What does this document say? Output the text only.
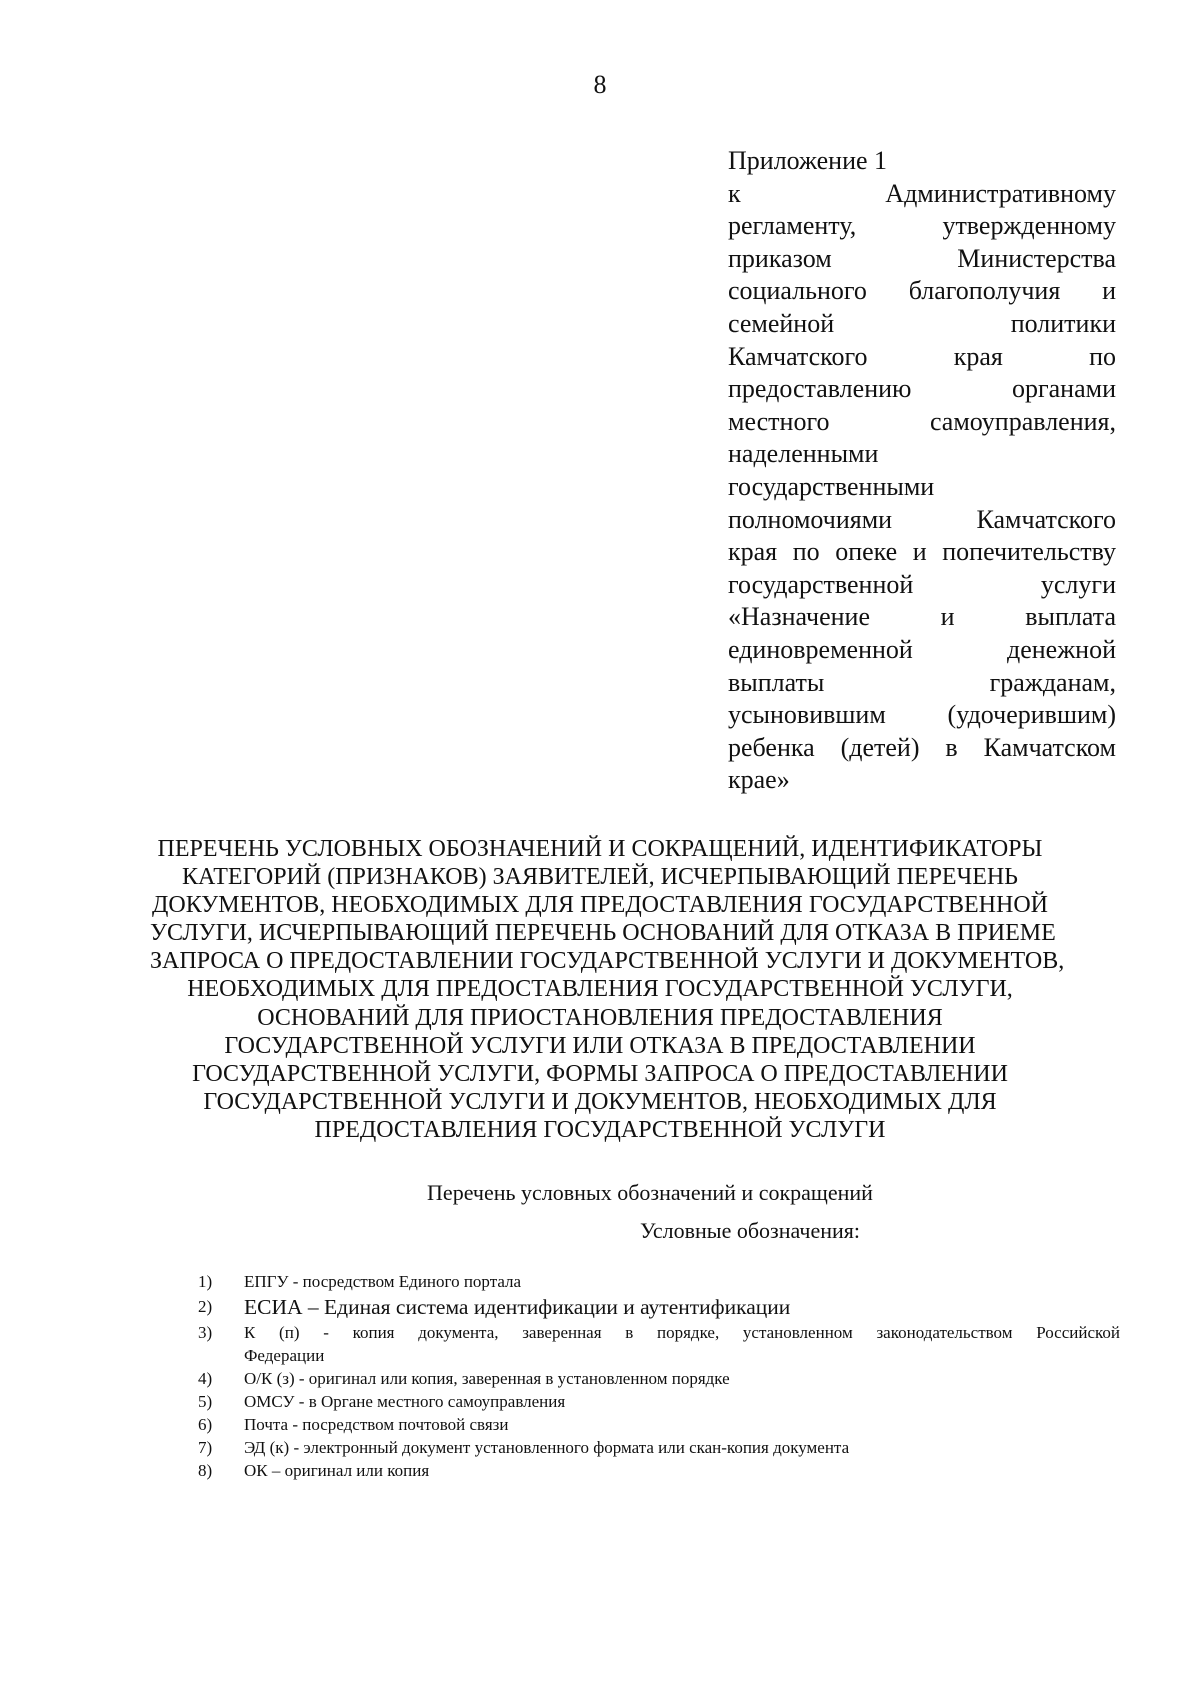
8
Приложение 1
к Административному
регламенту, утвержденному
приказом Министерства
социального благополучия и
семейной политики
Камчатского края по
предоставлению органами
местного самоуправления,
наделенными
государственными
полномочиями Камчатского
края по опеке и попечительству
государственной услуги
«Назначение и выплата
единовременной денежной
выплаты гражданам,
усыновившим (удочерившим)
ребенка (детей) в Камчатском
крае»
ПЕРЕЧЕНЬ УСЛОВНЫХ ОБОЗНАЧЕНИЙ И СОКРАЩЕНИЙ, ИДЕНТИФИКАТОРЫ
КАТЕГОРИЙ (ПРИЗНАКОВ) ЗАЯВИТЕЛЕЙ, ИСЧЕРПЫВАЮЩИЙ ПЕРЕЧЕНЬ
ДОКУМЕНТОВ, НЕОБХОДИМЫХ ДЛЯ ПРЕДОСТАВЛЕНИЯ ГОСУДАРСТВЕННОЙ
УСЛУГИ, ИСЧЕРПЫВАЮЩИЙ ПЕРЕЧЕНЬ ОСНОВАНИЙ ДЛЯ ОТКАЗА В ПРИЕМЕ
ЗАПРОСА О ПРЕДОСТАВЛЕНИИ ГОСУДАРСТВЕННОЙ УСЛУГИ И ДОКУМЕНТОВ,
НЕОБХОДИМЫХ ДЛЯ ПРЕДОСТАВЛЕНИЯ ГОСУДАРСТВЕННОЙ УСЛУГИ,
ОСНОВАНИЙ ДЛЯ ПРИОСТАНОВЛЕНИЯ ПРЕДОСТАВЛЕНИЯ
ГОСУДАРСТВЕННОЙ УСЛУГИ ИЛИ ОТКАЗА В ПРЕДОСТАВЛЕНИИ
ГОСУДАРСТВЕННОЙ УСЛУГИ, ФОРМЫ ЗАПРОСА О ПРЕДОСТАВЛЕНИИ
ГОСУДАРСТВЕННОЙ УСЛУГИ И ДОКУМЕНТОВ, НЕОБХОДИМЫХ ДЛЯ
ПРЕДОСТАВЛЕНИЯ ГОСУДАРСТВЕННОЙ УСЛУГИ
Перечень условных обозначений и сокращений
Условные обозначения:
1)	ЕПГУ - посредством Единого портала
2)	ЕСИА – Единая система идентификации и аутентификации
3)	К (п) - копия документа, заверенная в порядке, установленном законодательством Российской
Федерации
4)	О/К (з) - оригинал или копия, заверенная в установленном порядке
5)	ОМСУ - в Органе местного самоуправления
6)	Почта - посредством почтовой связи
7)	ЭД (к) - электронный документ установленного формата или скан-копия документа
8)	ОК – оригинал или копия
